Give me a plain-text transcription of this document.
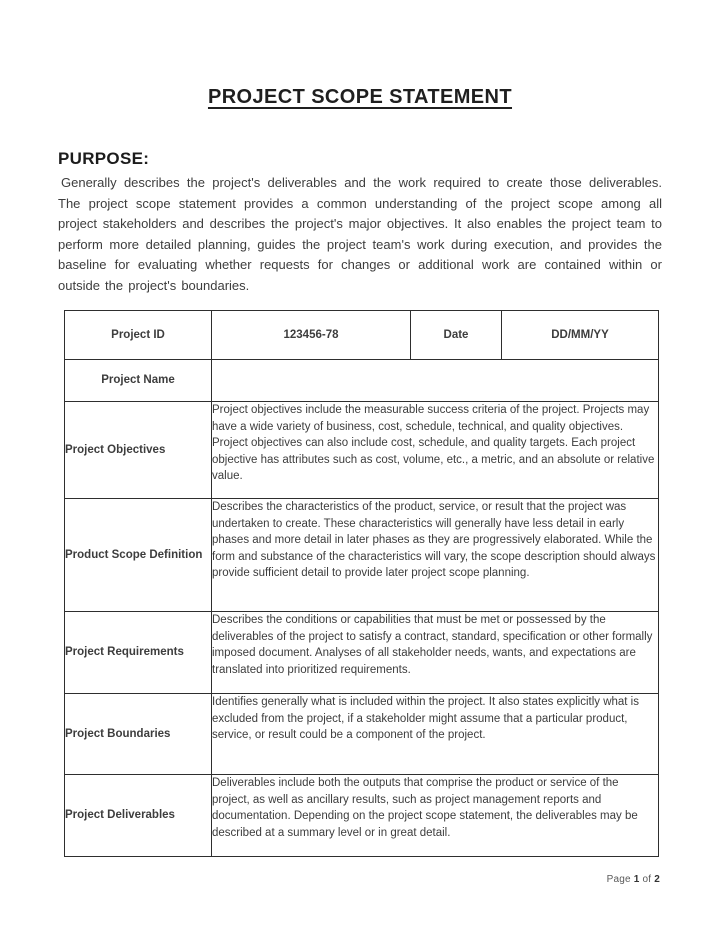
PROJECT SCOPE STATEMENT
PURPOSE:

Generally describes the project's deliverables and the work required to create those deliverables. The project scope statement provides a common understanding of the project scope among all project stakeholders and describes the project's major objectives. It also enables the project team to perform more detailed planning, guides the project team's work during execution, and provides the baseline for evaluating whether requests for changes or additional work are contained within or outside the project's boundaries.

Project ID	123456-78	Date	DD/MM/YY
Project Name			
Project Objectives	Project objectives include the measurable success criteria of the project. Projects may have a wide variety of business, cost, schedule, technical, and quality objectives. Project objectives can also include cost, schedule, and quality targets. Each project objective has attributes such as cost, volume, etc., a metric, and an absolute or relative value.		
Product Scope Definition	Describes the characteristics of the product, service, or result that the project was undertaken to create. These characteristics will generally have less detail in early phases and more detail in later phases as they are progressively elaborated. While the form and substance of the characteristics will vary, the scope description should always provide sufficient detail to provide later project scope planning.		
Project Requirements	Describes the conditions or capabilities that must be met or possessed by the deliverables of the project to satisfy a contract, standard, specification or other formally imposed document. Analyses of all stakeholder needs, wants, and expectations are translated into prioritized requirements.		
Project Boundaries	Identifies generally what is included within the project. It also states explicitly what is excluded from the project, if a stakeholder might assume that a particular product, service, or result could be a component of the project.		
Project Deliverables	Deliverables include both the outputs that comprise the product or service of the project, as well as ancillary results, such as project management reports and documentation. Depending on the project scope statement, the deliverables may be described at a summary level or in great detail.		
Page 1 of 2
